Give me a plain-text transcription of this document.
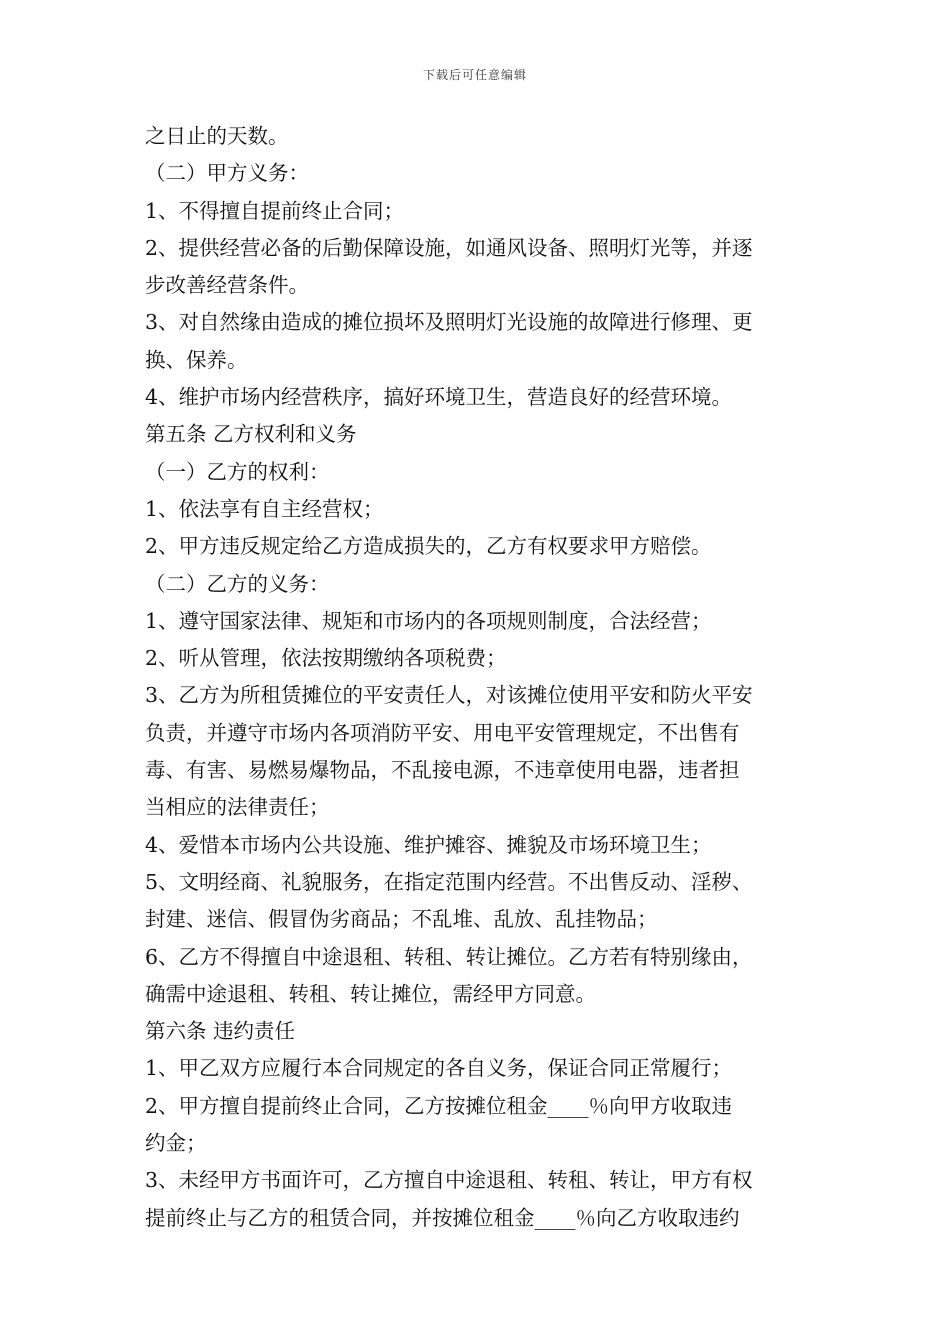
下载后可任意编辑
之日止的天数。
（二）甲方义务：
1、不得擅自提前终止合同；
2、提供经营必备的后勤保障设施，如通风设备、照明灯光等，并逐
步改善经营条件。
3、对自然缘由造成的摊位损坏及照明灯光设施的故障进行修理、更
换、保养。
4、维护市场内经营秩序，搞好环境卫生，营造良好的经营环境。
第五条 乙方权利和义务
（一）乙方的权利：
1、依法享有自主经营权；
2、甲方违反规定给乙方造成损失的，乙方有权要求甲方赔偿。
（二）乙方的义务：
1、遵守国家法律、规矩和市场内的各项规则制度，合法经营；
2、听从管理，依法按期缴纳各项税费；
3、乙方为所租赁摊位的平安责任人，对该摊位使用平安和防火平安
负责，并遵守市场内各项消防平安、用电平安管理规定，不出售有
毒、有害、易燃易爆物品，不乱接电源，不违章使用电器，违者担
当相应的法律责任；
4、爱惜本市场内公共设施、维护摊容、摊貌及市场环境卫生；
5、文明经商、礼貌服务，在指定范围内经营。不出售反动、淫秽、
封建、迷信、假冒伪劣商品；不乱堆、乱放、乱挂物品；
6、乙方不得擅自中途退租、转租、转让摊位。乙方若有特别缘由，
确需中途退租、转租、转让摊位，需经甲方同意。
第六条 违约责任
1、甲乙双方应履行本合同规定的各自义务，保证合同正常履行；
2、甲方擅自提前终止合同，乙方按摊位租金____％向甲方收取违
约金；
3、未经甲方书面许可，乙方擅自中途退租、转租、转让，甲方有权
提前终止与乙方的租赁合同，并按摊位租金____％向乙方收取违约
